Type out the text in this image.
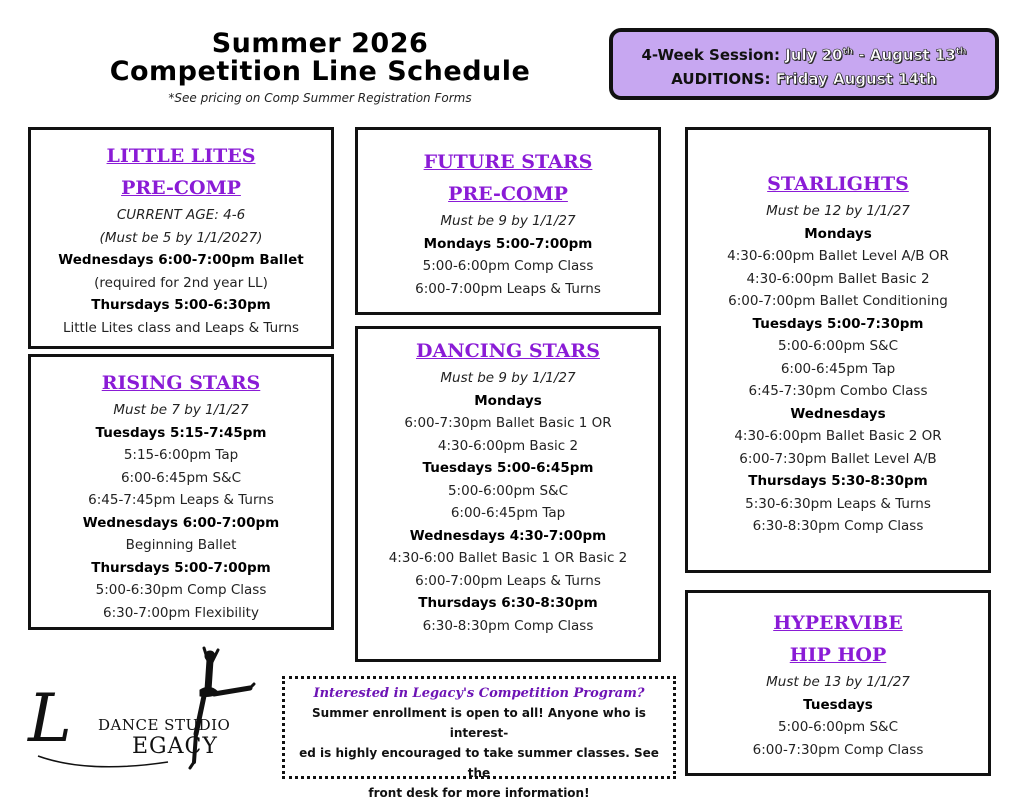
Summer 2026
Competition Line Schedule
*See pricing on Comp Summer Registration Forms
4-Week Session: July 20th - August 13th
AUDITIONS: Friday August 14th
LITTLE LITES
PRE-COMP
CURRENT AGE: 4-6
(Must be 5 by 1/1/2027)
Wednesdays 6:00-7:00pm Ballet
(required for 2nd year LL)
Thursdays 5:00-6:30pm
Little Lites class and Leaps & Turns
RISING STARS
Must be 7 by 1/1/27
Tuesdays 5:15-7:45pm
5:15-6:00pm Tap
6:00-6:45pm S&C
6:45-7:45pm Leaps & Turns
Wednesdays 6:00-7:00pm
Beginning Ballet
Thursdays 5:00-7:00pm
5:00-6:30pm Comp Class
6:30-7:00pm Flexibility
FUTURE STARS
PRE-COMP
Must be 9 by 1/1/27
Mondays 5:00-7:00pm
5:00-6:00pm Comp Class
6:00-7:00pm Leaps & Turns
DANCING STARS
Must be 9 by 1/1/27
Mondays
6:00-7:30pm Ballet Basic 1 OR
4:30-6:00pm Basic 2
Tuesdays 5:00-6:45pm
5:00-6:00pm S&C
6:00-6:45pm Tap
Wednesdays 4:30-7:00pm
4:30-6:00 Ballet Basic 1 OR Basic 2
6:00-7:00pm Leaps & Turns
Thursdays 6:30-8:30pm
6:30-8:30pm Comp Class
STARLIGHTS
Must be 12 by 1/1/27
Mondays
4:30-6:00pm Ballet Level A/B OR
4:30-6:00pm Ballet Basic 2
6:00-7:00pm Ballet Conditioning
Tuesdays 5:00-7:30pm
5:00-6:00pm S&C
6:00-6:45pm Tap
6:45-7:30pm Combo Class
Wednesdays
4:30-6:00pm Ballet Basic 2 OR
6:00-7:30pm Ballet Level A/B
Thursdays 5:30-8:30pm
5:30-6:30pm Leaps & Turns
6:30-8:30pm Comp Class
HYPERVIBE
HIP HOP
Must be 13 by 1/1/27
Tuesdays
5:00-6:00pm S&C
6:00-7:30pm Comp Class
Interested in Legacy's Competition Program?
Summer enrollment is open to all! Anyone who is interest-
ed is highly encouraged to take summer classes. See the
front desk for more information!
L DANCE STUDIO
EGACY
